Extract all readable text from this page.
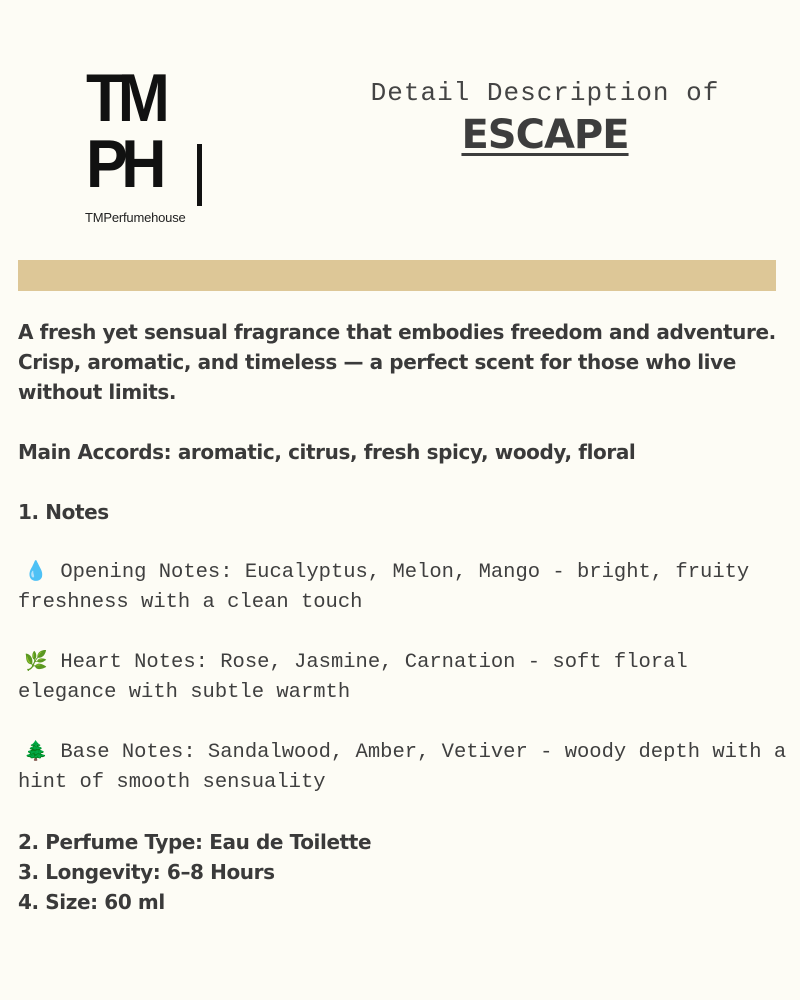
TM
PH
TMPerfumehouse
Detail Description of
ESCAPE

A fresh yet sensual fragrance that embodies freedom and adventure. Crisp, aromatic, and timeless — a perfect scent for those who live without limits.

Main Accords: aromatic, citrus, fresh spicy, woody, floral

1. Notes

💧 Opening Notes: Eucalyptus, Melon, Mango - bright, fruity freshness with a clean touch

🌿 Heart Notes: Rose, Jasmine, Carnation - soft floral elegance with subtle warmth

🌲 Base Notes: Sandalwood, Amber, Vetiver - woody depth with a hint of smooth sensuality

2. Perfume Type: Eau de Toilette
3. Longevity: 6–8 Hours
4. Size: 60 ml
